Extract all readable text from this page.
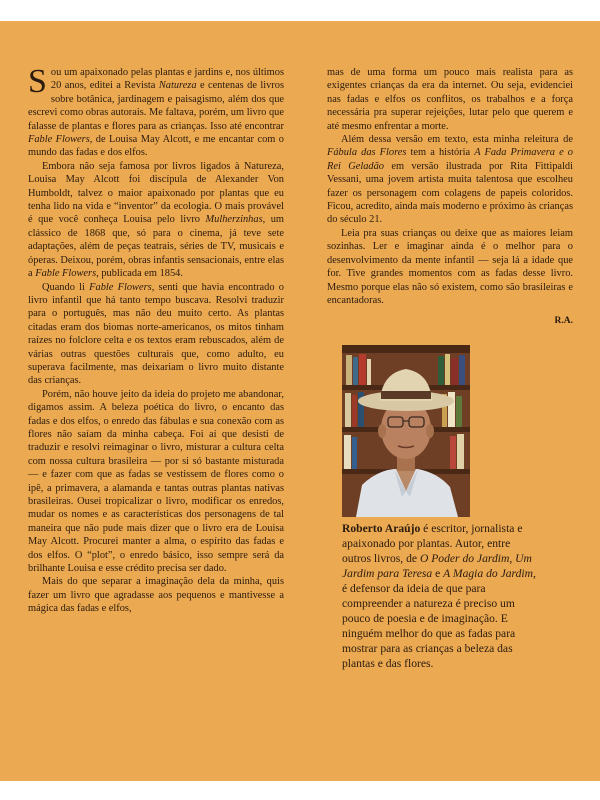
Sou um apaixonado pelas plantas e jardins e, nos últimos 20 anos, editei a Revista Natureza e centenas de livros sobre botânica, jardinagem e paisagismo, além dos que escrevi como obras autorais. Me faltava, porém, um livro que falasse de plantas e flores para as crianças. Isso até encontrar Fable Flowers, de Louisa May Alcott, e me encantar com o mundo das fadas e dos elfos.

Embora não seja famosa por livros ligados à Natureza, Louisa May Alcott foi discípula de Alexander Von Humboldt, talvez o maior apaixonado por plantas que eu tenha lido na vida e “inventor” da ecologia. O mais provável é que você conheça Louisa pelo livro Mulherzinhas, um clássico de 1868 que, só para o cinema, já teve sete adaptações, além de peças teatrais, séries de TV, musicais e óperas. Deixou, porém, obras infantis sensacionais, entre elas a Fable Flowers, publicada em 1854.

Quando li Fable Flowers, senti que havia encontrado o livro infantil que há tanto tempo buscava. Resolvi traduzir para o português, mas não deu muito certo. As plantas citadas eram dos biomas norte-americanos, os mitos tinham raízes no folclore celta e os textos eram rebuscados, além de várias outras questões culturais que, como adulto, eu superava facilmente, mas deixariam o livro muito distante das crianças.

Porém, não houve jeito da ideia do projeto me abandonar, digamos assim. A beleza poética do livro, o encanto das fadas e dos elfos, o enredo das fábulas e sua conexão com as flores não saíam da minha cabeça. Foi aí que desisti de traduzir e resolvi reimaginar o livro, misturar a cultura celta com nossa cultura brasileira — por si só bastante misturada — e fazer com que as fadas se vestissem de flores como o ipê, a primavera, a alamanda e tantas outras plantas nativas brasileiras. Ousei tropicalizar o livro, modificar os enredos, mudar os nomes e as características dos personagens de tal maneira que não pude mais dizer que o livro era de Louisa May Alcott. Procurei manter a alma, o espírito das fadas e dos elfos. O “plot”, o enredo básico, isso sempre será da brilhante Louisa e esse crédito precisa ser dado.

Mais do que separar a imaginação dela da minha, quis fazer um livro que agradasse aos pequenos e mantivesse a mágica das fadas e elfos,

mas de uma forma um pouco mais realista para as exigentes crianças da era da internet. Ou seja, evidenciei nas fadas e elfos os conflitos, os trabalhos e a força necessária pra superar rejeições, lutar pelo que querem e até mesmo enfrentar a morte.

Além dessa versão em texto, esta minha releitura de Fábula das Flores tem a história A Fada Primavera e o Rei Geladão em versão ilustrada por Rita Fittipaldi Vessani, uma jovem artista muita talentosa que escolheu fazer os personagem com colagens de papeis coloridos. Ficou, acredito, ainda mais moderno e próximo às crianças do século 21.

Leia pra suas crianças ou deixe que as maiores leiam sozinhas. Ler e imaginar ainda é o melhor para o desenvolvimento da mente infantil — seja lá a idade que for. Tive grandes momentos com as fadas desse livro. Mesmo porque elas não só existem, como são brasileiras e encantadoras.

R.A.

Roberto Araújo é escritor, jornalista e apaixonado por plantas. Autor, entre outros livros, de O Poder do Jardim, Um Jardim para Teresa e A Magia do Jardim, é defensor da ideia de que para compreender a natureza é preciso um pouco de poesia e de imaginação. E ninguém melhor do que as fadas para mostrar para as crianças a beleza das plantas e das flores.
